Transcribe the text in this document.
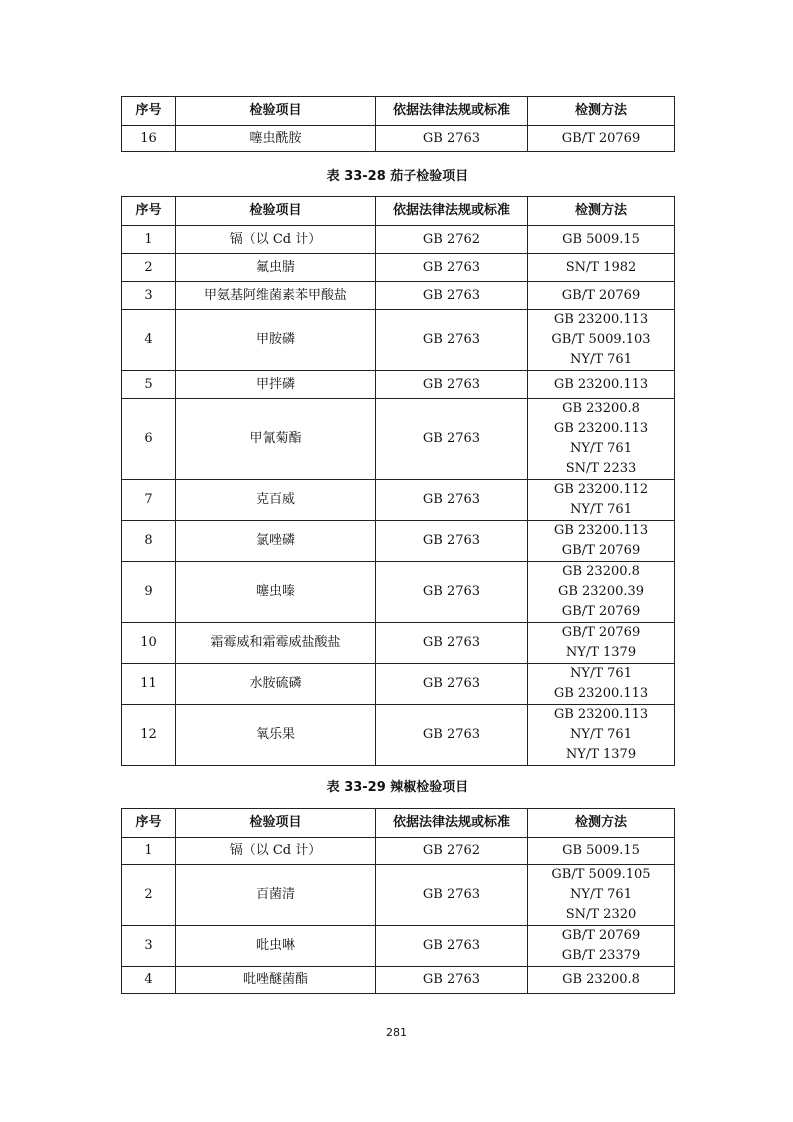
序号	检验项目	依据法律法规或标准	检测方法
16	噻虫酰胺	GB 2763	GB/T 20769
表 33-28 茄子检验项目
序号	检验项目	依据法律法规或标准	检测方法
1	镉（以 Cd 计）	GB 2762	GB 5009.15

2	氟虫腈	GB 2763	SN/T 1982

3	甲氨基阿维菌素苯甲酸盐	GB 2763	GB/T 20769

4	甲胺磷	GB 2763	GB 23200.113
GB/T 5009.103
NY/T 761

5	甲拌磷	GB 2763	GB 23200.113

6	甲氰菊酯	GB 2763	GB 23200.8
GB 23200.113
NY/T 761
SN/T 2233

7	克百威	GB 2763	GB 23200.112
NY/T 761

8	氯唑磷	GB 2763	GB 23200.113
GB/T 20769

9	噻虫嗪	GB 2763	GB 23200.8
GB 23200.39
GB/T 20769

10	霜霉威和霜霉威盐酸盐	GB 2763	GB/T 20769
NY/T 1379

11	水胺硫磷	GB 2763	NY/T 761
GB 23200.113

12	氧乐果	GB 2763	GB 23200.113
NY/T 761
NY/T 1379
表 33-29 辣椒检验项目
序号	检验项目	依据法律法规或标准	检测方法
1	镉（以 Cd 计）	GB 2762	GB 5009.15

2	百菌清	GB 2763	GB/T 5009.105
NY/T 761
SN/T 2320

3	吡虫啉	GB 2763	GB/T 20769
GB/T 23379

4	吡唑醚菌酯	GB 2763	GB 23200.8
281
